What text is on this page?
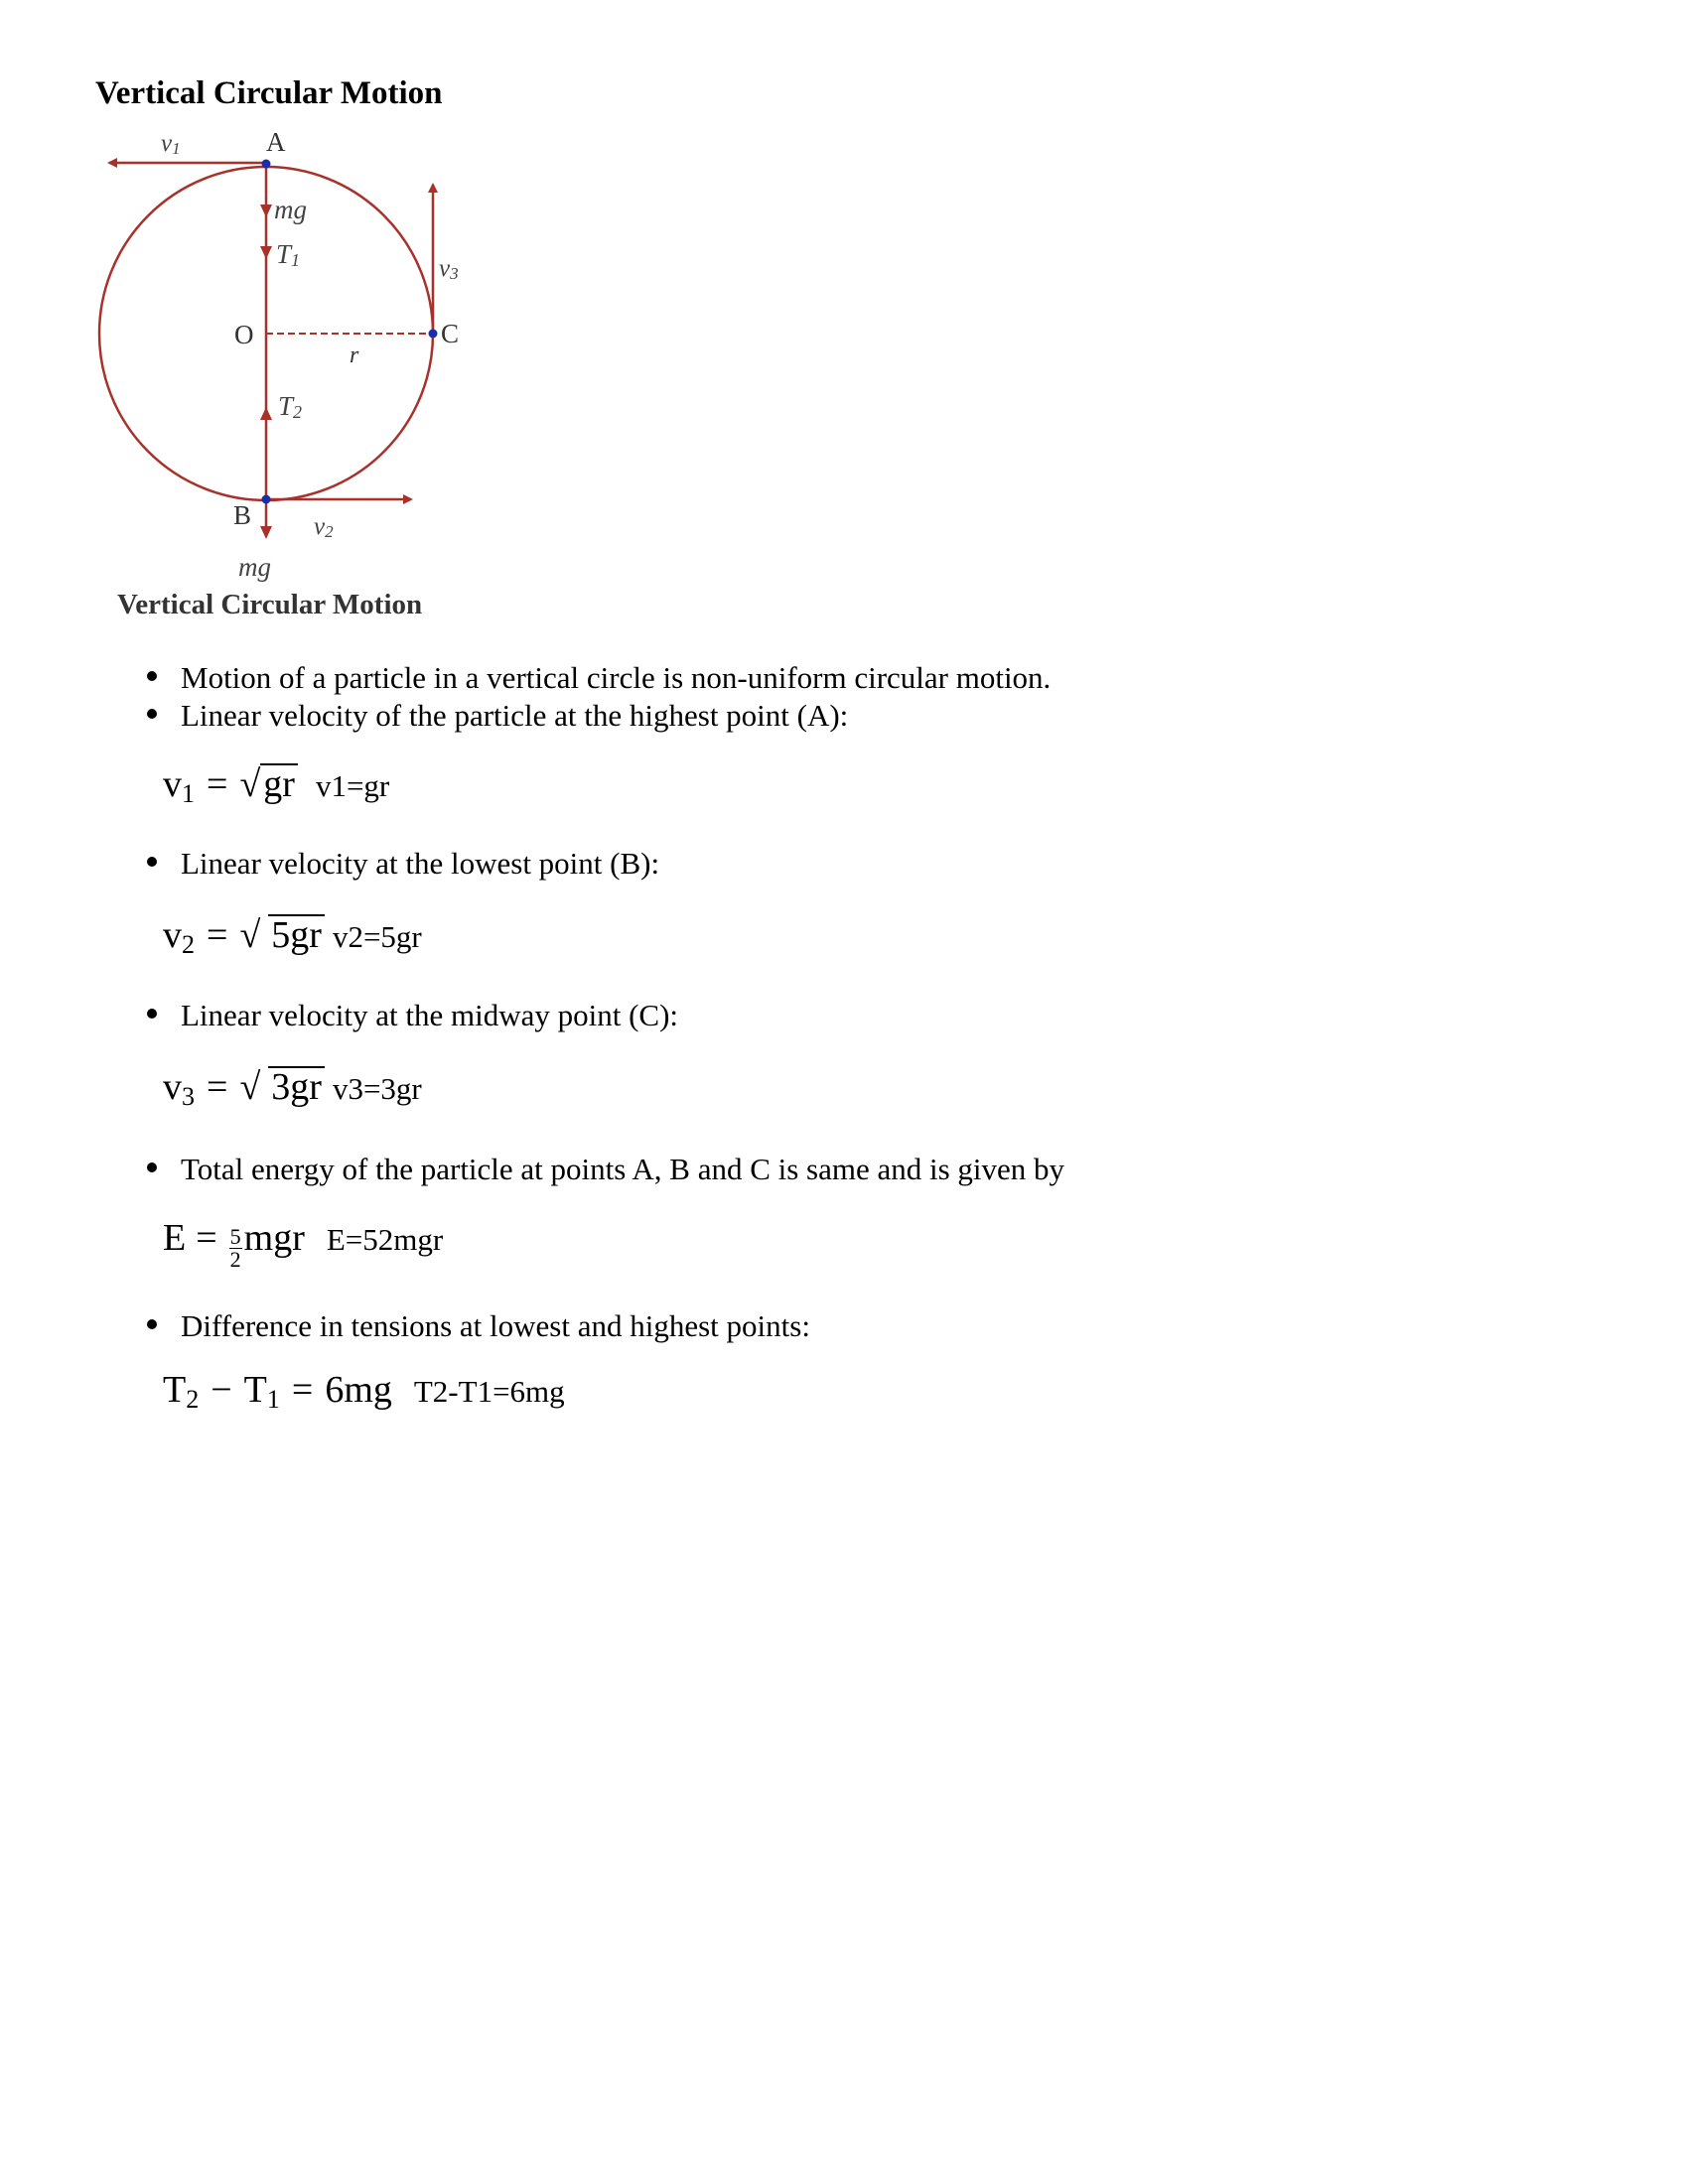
Vertical Circular Motion
A
B
C
O
r
v1
v2
v3
mg
T1
T2
mg
Vertical Circular Motion
Motion of a particle in a vertical circle is non-uniform circular motion.
Linear velocity of the particle at the highest point (A):
$v_1 = √gr$ v1=gr
Linear velocity at the lowest point (B):
$v_2$ = √ 5gr v2=5gr
Linear velocity at the midway point (C):
$v_3$ = √ 3gr v3=3gr
Total energy of the particle at points A, B and C is same and is given by
$E = \frac{5}{2}$ mgr E=52mgr
Difference in tensions at lowest and highest points:
$T_2 - T_1 = 6mg$ T2-T1=6mg
